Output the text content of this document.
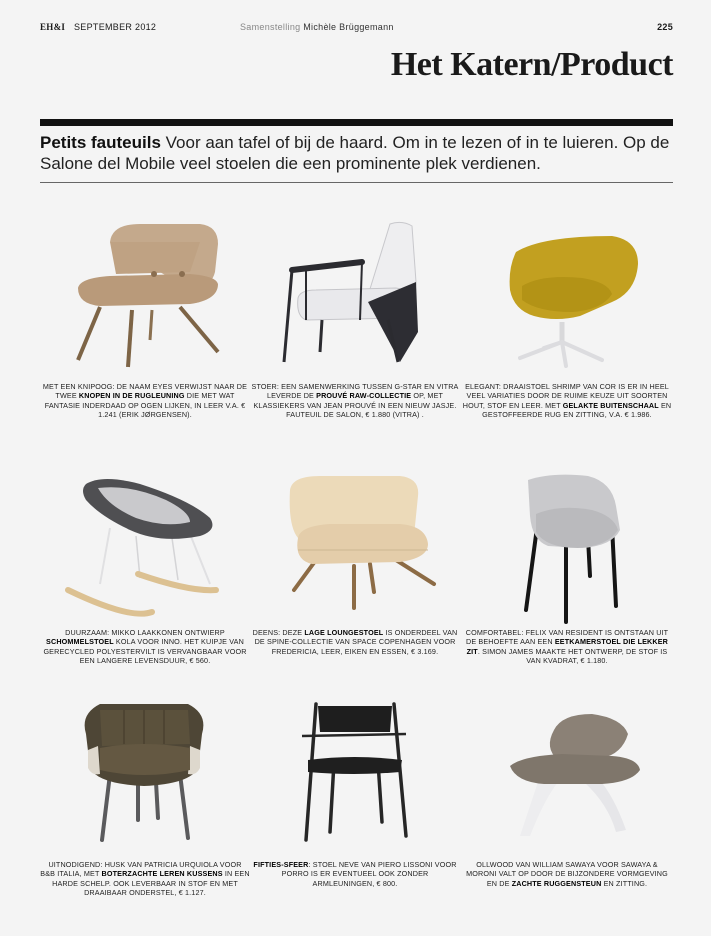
EH&I SEPTEMBER 2012	Samenstelling Michèle Brüggemann	225
Het Katern/Product
Petits fauteuils Voor aan tafel of bij de haard. Om in te lezen of in te luieren. Op de Salone del Mobile veel stoelen die een prominente plek verdienen.
MET EEN KNIPOOG: DE NAAM EYES VERWIJST NAAR DE TWEE KNOPEN IN DE RUGLEUNING DIE MET WAT FANTASIE INDERDAAD OP OGEN LIJKEN, IN LEER V.A. € 1.241 (ERIK JØRGENSEN).
STOER: EEN SAMENWERKING TUSSEN G-STAR EN VITRA LEVERDE DE PROUVÉ RAW-COLLECTIE OP, MET KLASSIEKERS VAN JEAN PROUVÉ IN EEN NIEUW JASJE. FAUTEUIL DE SALON, € 1.880 (VITRA) .
ELEGANT: DRAAISTOEL SHRIMP VAN COR IS ER IN HEEL VEEL VARIATIES DOOR DE RUIME KEUZE UIT SOORTEN HOUT, STOF EN LEER. MET GELAKTE BUITENSCHAAL EN GESTOFFEERDE RUG EN ZITTING, V.A. € 1.986.
DUURZAAM: MIKKO LAAKKONEN ONTWIERP SCHOMMELSTOEL KOLA VOOR INNO. HET KUIPJE VAN GERECYCLED POLYESTERVILT IS VERVANGBAAR VOOR EEN LANGERE LEVENSDUUR, € 560.
DEENS: DEZE LAGE LOUNGESTOEL IS ONDERDEEL VAN DE SPINE-COLLECTIE VAN SPACE COPENHAGEN VOOR FREDERICIA, LEER, EIKEN EN ESSEN, € 3.169.
COMFORTABEL: FELIX VAN RESIDENT IS ONTSTAAN UIT DE BEHOEFTE AAN EEN EETKAMERSTOEL DIE LEKKER ZIT. SIMON JAMES MAAKTE HET ONTWERP, DE STOF IS VAN KVADRAT, € 1.180.
UITNODIGEND: HUSK VAN PATRICIA URQUIOLA VOOR B&B ITALIA, MET BOTERZACHTE LEREN KUSSENS IN EEN HARDE SCHELP. OOK LEVERBAAR IN STOF EN MET DRAAIBAAR ONDERSTEL, € 1.127.
FIFTIES-SFEER: STOEL NEVE VAN PIERO LISSONI VOOR PORRO IS ER EVENTUEEL OOK ZONDER ARMLEUNINGEN, € 800.
OLLWOOD VAN WILLIAM SAWAYA VOOR SAWAYA & MORONI VALT OP DOOR DE BIJZONDERE VORMGEVING EN DE ZACHTE RUGGENSTEUN EN ZITTING.
